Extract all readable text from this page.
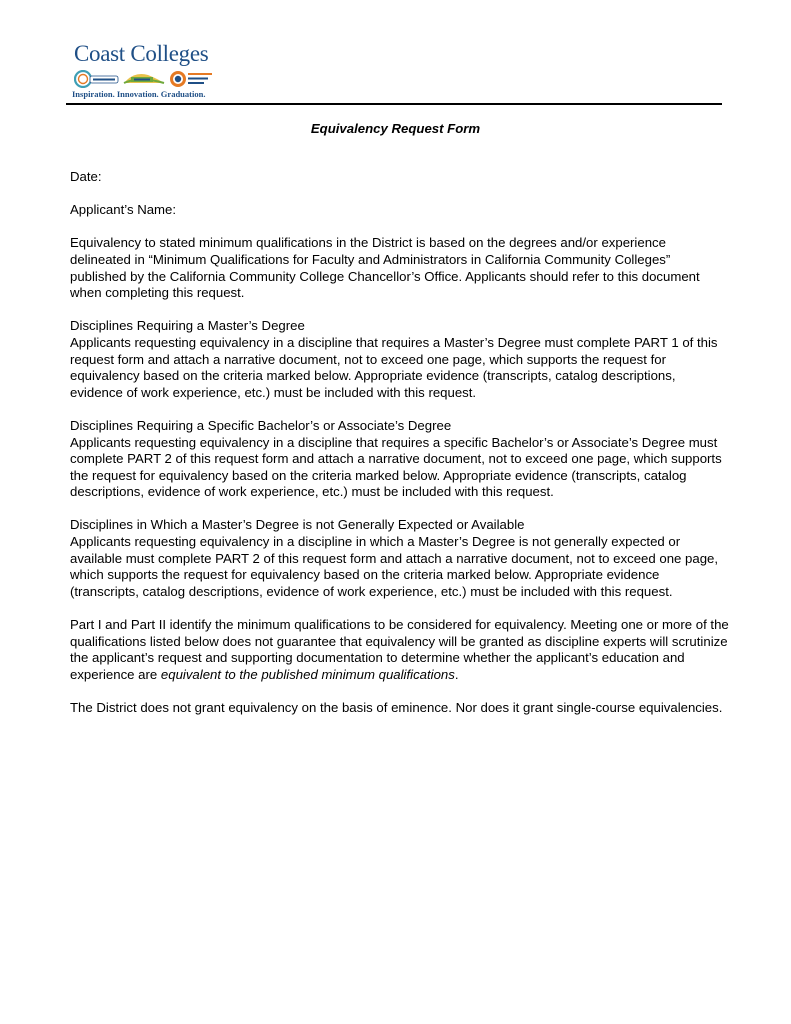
Coast Colleges
Inspiration. Innovation. Graduation.
Equivalency Request Form

Date:

Applicant’s Name:

Equivalency to stated minimum qualifications in the District is based on the degrees and/or experience delineated in “Minimum Qualifications for Faculty and Administrators in California Community Colleges” published by the California Community College Chancellor’s Office. Applicants should refer to this document when completing this request.

Disciplines Requiring a Master’s Degree

Applicants requesting equivalency in a discipline that requires a Master’s Degree must complete PART 1 of this request form and attach a narrative document, not to exceed one page, which supports the request for equivalency based on the criteria marked below. Appropriate evidence (transcripts, catalog descriptions, evidence of work experience, etc.) must be included with this request.

Disciplines Requiring a Specific Bachelor’s or Associate’s Degree

Applicants requesting equivalency in a discipline that requires a specific Bachelor’s or Associate’s Degree must complete PART 2 of this request form and attach a narrative document, not to exceed one page, which supports the request for equivalency based on the criteria marked below. Appropriate evidence (transcripts, catalog descriptions, evidence of work experience, etc.) must be included with this request.

Disciplines in Which a Master’s Degree is not Generally Expected or Available

Applicants requesting equivalency in a discipline in which a Master’s Degree is not generally expected or available must complete PART 2 of this request form and attach a narrative document, not to exceed one page, which supports the request for equivalency based on the criteria marked below. Appropriate evidence (transcripts, catalog descriptions, evidence of work experience, etc.) must be included with this request.

Part I and Part II identify the minimum qualifications to be considered for equivalency. Meeting one or more of the qualifications listed below does not guarantee that equivalency will be granted as discipline experts will scrutinize the applicant’s request and supporting documentation to determine whether the applicant’s education and experience are equivalent to the published minimum qualifications.

The District does not grant equivalency on the basis of eminence. Nor does it grant single-course equivalencies.
